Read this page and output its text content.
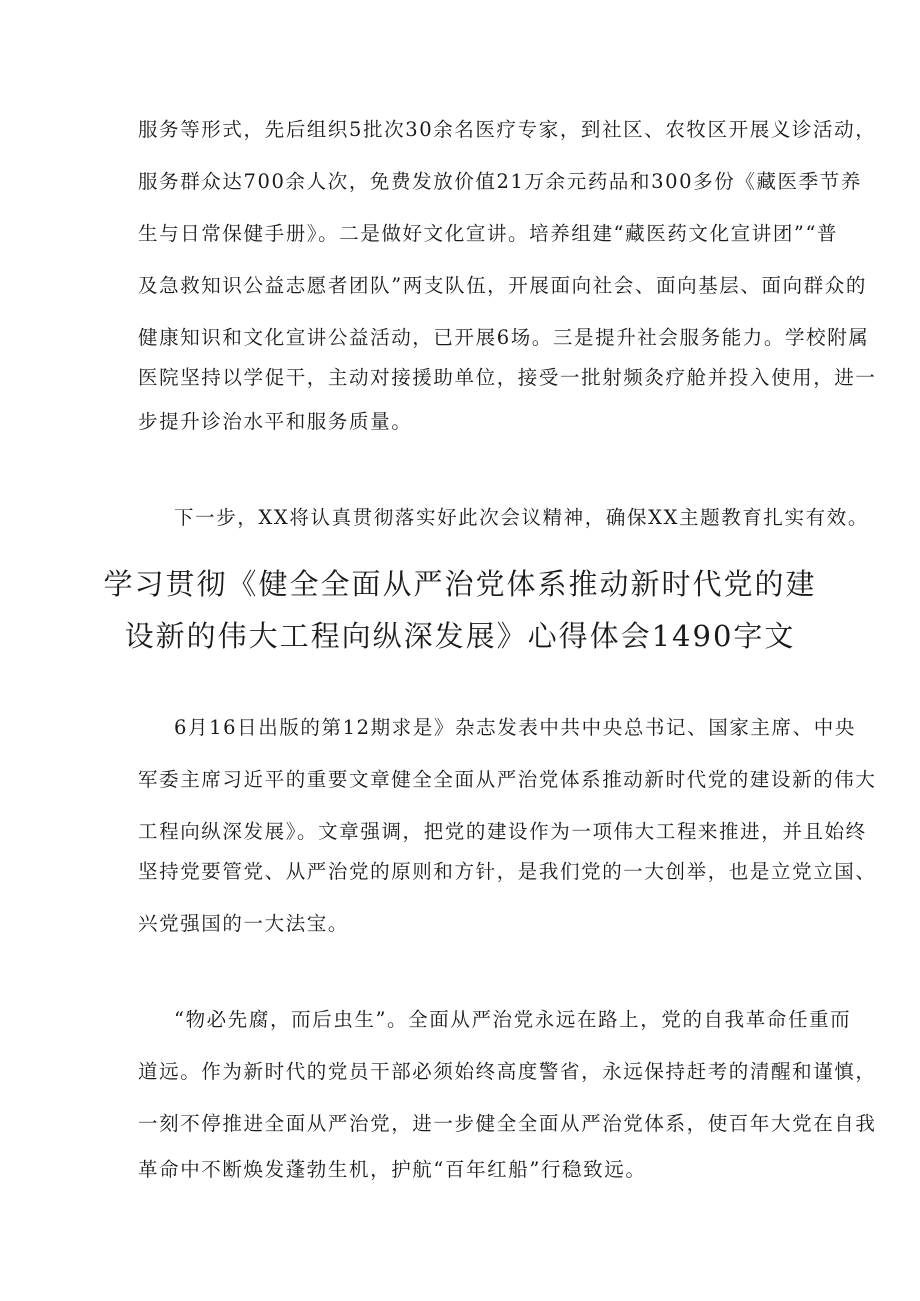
服务等形式，先后组织5批次30余名医疗专家，到社区、农牧区开展义诊活动，
服务群众达700余人次，免费发放价值21万余元药品和300多份《藏医季节养
生与日常保健手册》。二是做好文化宣讲。培养组建“藏医药文化宣讲团”“普
及急救知识公益志愿者团队”两支队伍，开展面向社会、面向基层、面向群众的
健康知识和文化宣讲公益活动，已开展6场。三是提升社会服务能力。学校附属
医院坚持以学促干，主动对接援助单位，接受一批射频灸疗舱并投入使用，进一
步提升诊治水平和服务质量。
下一步，XX将认真贯彻落实好此次会议精神，确保XX主题教育扎实有效。
学习贯彻《健全全面从严治党体系推动新时代党的建
设新的伟大工程向纵深发展》心得体会1490字文
6月16日出版的第12期求是》杂志发表中共中央总书记、国家主席、中央
军委主席习近平的重要文章健全全面从严治党体系推动新时代党的建设新的伟大
工程向纵深发展》。文章强调，把党的建设作为一项伟大工程来推进，并且始终
坚持党要管党、从严治党的原则和方针，是我们党的一大创举，也是立党立国、
兴党强国的一大法宝。
“物必先腐，而后虫生”。全面从严治党永远在路上，党的自我革命任重而
道远。作为新时代的党员干部必须始终高度警省，永远保持赶考的清醒和谨慎，
一刻不停推进全面从严治党，进一步健全全面从严治党体系，使百年大党在自我
革命中不断焕发蓬勃生机，护航“百年红船”行稳致远。
